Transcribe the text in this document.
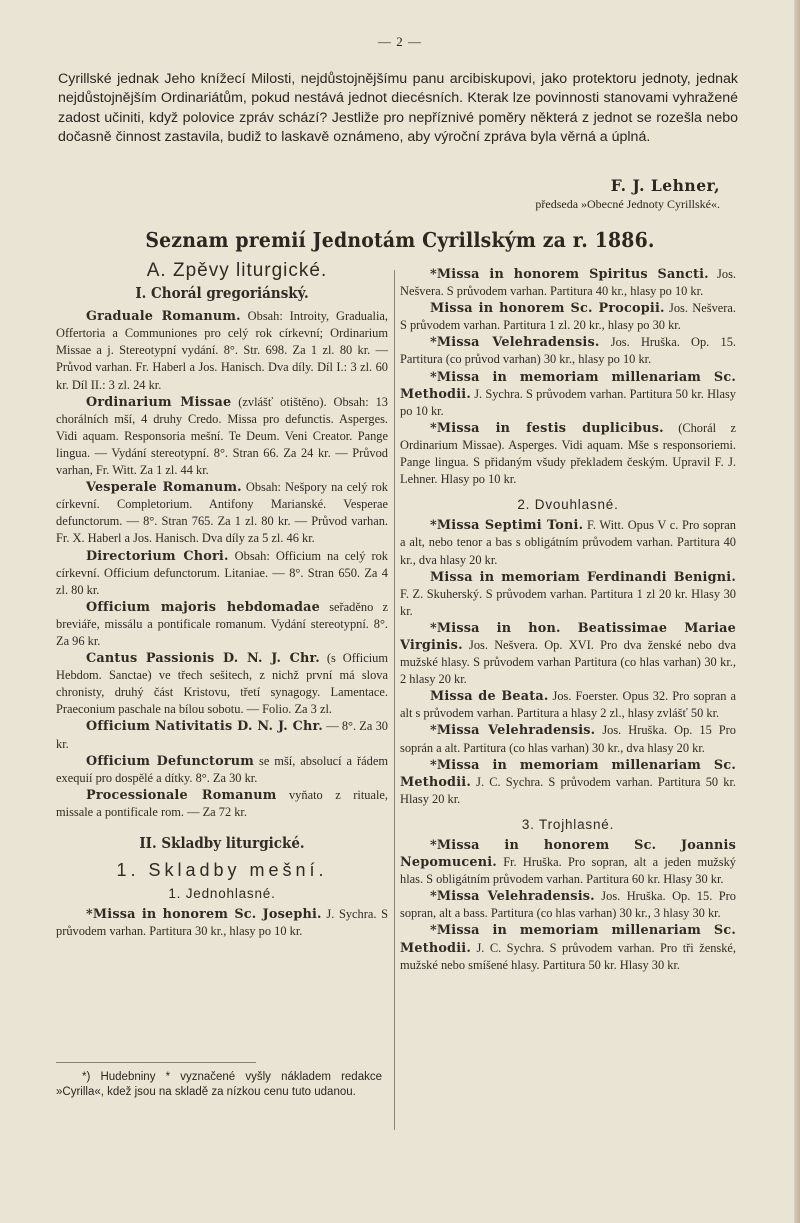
— 2 —

Cyrillské jednak Jeho knížecí Milosti, nejdůstojnějšímu panu arcibiskupovi, jako protektoru jednoty, jednak nejdůstojnějším Ordinariátům, pokud nestává jednot diecésních. Kterak lze povinnosti stanovami vyhražené zadost učiniti, když polovice zpráv schází? Jestliže pro nepříznivé poměry některá z jednot se rozešla nebo dočasně činnost zastavila, budiž to laskavě oznámeno, aby výroční zpráva byla věrná a úplná.

F. J. Lehner,
předseda »Obecné Jednoty Cyrillské«.
Seznam premií Jednotám Cyrillským za r. 1886.
A. Zpěvy liturgické.
I. Chorál gregoriánský.

Graduale Romanum. Obsah: Introity, Gradualia, Offertoria a Communiones pro celý rok církevní; Ordinarium Missae a j. Stereotypní vydání. 8°. Str. 698. Za 1 zl. 80 kr. — Průvod varhan. Fr. Haberl a Jos. Hanisch. Dva díly. Díl I.: 3 zl. 60 kr. Díl II.: 3 zl. 24 kr.

Ordinarium Missae (zvlášť otištěno). Obsah: 13 chorálních mší, 4 druhy Credo. Missa pro defunctis. Asperges. Vidi aquam. Responsoria mešní. Te Deum. Veni Creator. Pange lingua. — Vydání stereotypní. 8°. Stran 66. Za 24 kr. — Průvod varhan, Fr. Witt. Za 1 zl. 44 kr.

Vesperale Romanum. Obsah: Nešpory na celý rok církevní. Completorium. Antifony Marianské. Vesperae defunctorum. — 8°. Stran 765. Za 1 zl. 80 kr. — Průvod varhan. Fr. X. Haberl a Jos. Hanisch. Dva díly za 5 zl. 46 kr.

Directorium Chori. Obsah: Officium na celý rok církevní. Officium defunctorum. Litaniae. — 8°. Stran 650. Za 4 zl. 80 kr.

Officium majoris hebdomadae seřaděno z breviáře, missálu a pontificale romanum. Vydání stereotypní. 8°. Za 96 kr.

Cantus Passionis D. N. J. Chr. (s Officium Hebdom. Sanctae) ve třech sešitech, z nichž první má slova chronisty, druhý část Kristovu, třetí synagogy. Lamentace. Praeconium paschale na bílou sobotu. — Folio. Za 3 zl.

Officium Nativitatis D. N. J. Chr. — 8°. Za 30 kr.

Officium Defunctorum se mší, absolucí a řádem exequií pro dospělé a dítky. 8°. Za 30 kr.

Processionale Romanum vyňato z rituale, missale a pontificale rom. — Za 72 kr.

II. Skladby liturgické.
1. Skladby mešní.
1. Jednohlasné.

*Missa in honorem Sc. Josephi. J. Sychra. S průvodem varhan. Partitura 30 kr., hlasy po 10 kr.

*Missa in honorem Spiritus Sancti. Jos. Nešvera. S průvodem varhan. Partitura 40 kr., hlasy po 10 kr.

Missa in honorem Sc. Procopii. Jos. Nešvera. S průvodem varhan. Partitura 1 zl. 20 kr., hlasy po 30 kr.

*Missa Velehradensis. Jos. Hruška. Op. 15. Partitura (co průvod varhan) 30 kr., hlasy po 10 kr.

*Missa in memoriam millenariam Sc. Methodii. J. Sychra. S průvodem varhan. Partitura 50 kr. Hlasy po 10 kr.

*Missa in festis duplicibus. (Chorál z Ordinarium Missae). Asperges. Vidi aquam. Mše s responsoriemi. Pange lingua. S přidaným všudy překladem českým. Upravil F. J. Lehner. Hlasy po 10 kr.

2. Dvouhlasné.

*Missa Septimi Toni. F. Witt. Opus V c. Pro sopran a alt, nebo tenor a bas s obligátním průvodem varhan. Partitura 40 kr., dva hlasy 20 kr.

Missa in memoriam Ferdinandi Benigni. F. Z. Skuherský. S průvodem varhan. Partitura 1 zl 20 kr. Hlasy 30 kr.

*Missa in hon. Beatissimae Mariae Virginis. Jos. Nešvera. Op. XVI. Pro dva ženské nebo dva mužské hlasy. S průvodem varhan Partitura (co hlas varhan) 30 kr., 2 hlasy 20 kr.

Missa de Beata. Jos. Foerster. Opus 32. Pro sopran a alt s průvodem varhan. Partitura a hlasy 2 zl., hlasy zvlášť 50 kr.

*Missa Velehradensis. Jos. Hruška. Op. 15 Pro soprán a alt. Partitura (co hlas varhan) 30 kr., dva hlasy 20 kr.

*Missa in memoriam millenariam Sc. Methodii. J. C. Sychra. S průvodem varhan. Partitura 50 kr. Hlasy 20 kr.

3. Trojhlasné.

*Missa in honorem Sc. Joannis Nepomuceni. Fr. Hruška. Pro sopran, alt a jeden mužský hlas. S obligátním průvodem varhan. Partitura 60 kr. Hlasy 30 kr.

*Missa Velehradensis. Jos. Hruška. Op. 15. Pro sopran, alt a bass. Partitura (co hlas varhan) 30 kr., 3 hlasy 30 kr.

*Missa in memoriam millenariam Sc. Methodii. J. C. Sychra. S průvodem varhan. Pro tři ženské, mužské nebo smíšené hlasy. Partitura 50 kr. Hlasy 30 kr.

*) Hudebniny * vyznačené vyšly nákladem redakce »Cyrilla«, kdež jsou na skladě za nízkou cenu tuto udanou.
